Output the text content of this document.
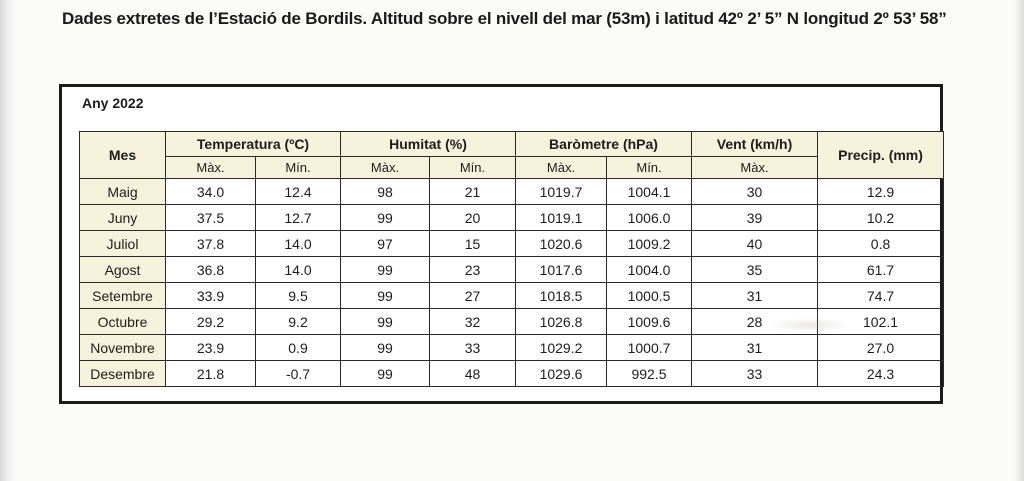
Dades extretes de l’Estació de Bordils. Altitud sobre el nivell del mar (53m) i latitud 42º 2’ 5” N longitud 2º 53’ 58”
Any 2022
Mes	Temperatura (ºC)		Humitat (%)		Baròmetre (hPa)		Vent (km/h)	Precip. (mm)
	Màx.	Mín.	Màx.	Mín.	Màx.	Mín.	Màx.	
Maig	34.0	12.4	98	21	1019.7	1004.1	30	12.9
Juny	37.5	12.7	99	20	1019.1	1006.0	39	10.2
Juliol	37.8	14.0	97	15	1020.6	1009.2	40	0.8
Agost	36.8	14.0	99	23	1017.6	1004.0	35	61.7
Setembre	33.9	9.5	99	27	1018.5	1000.5	31	74.7
Octubre	29.2	9.2	99	32	1026.8	1009.6	28	102.1
Novembre	23.9	0.9	99	33	1029.2	1000.7	31	27.0
Desembre	21.8	-0.7	99	48	1029.6	992.5	33	24.3
